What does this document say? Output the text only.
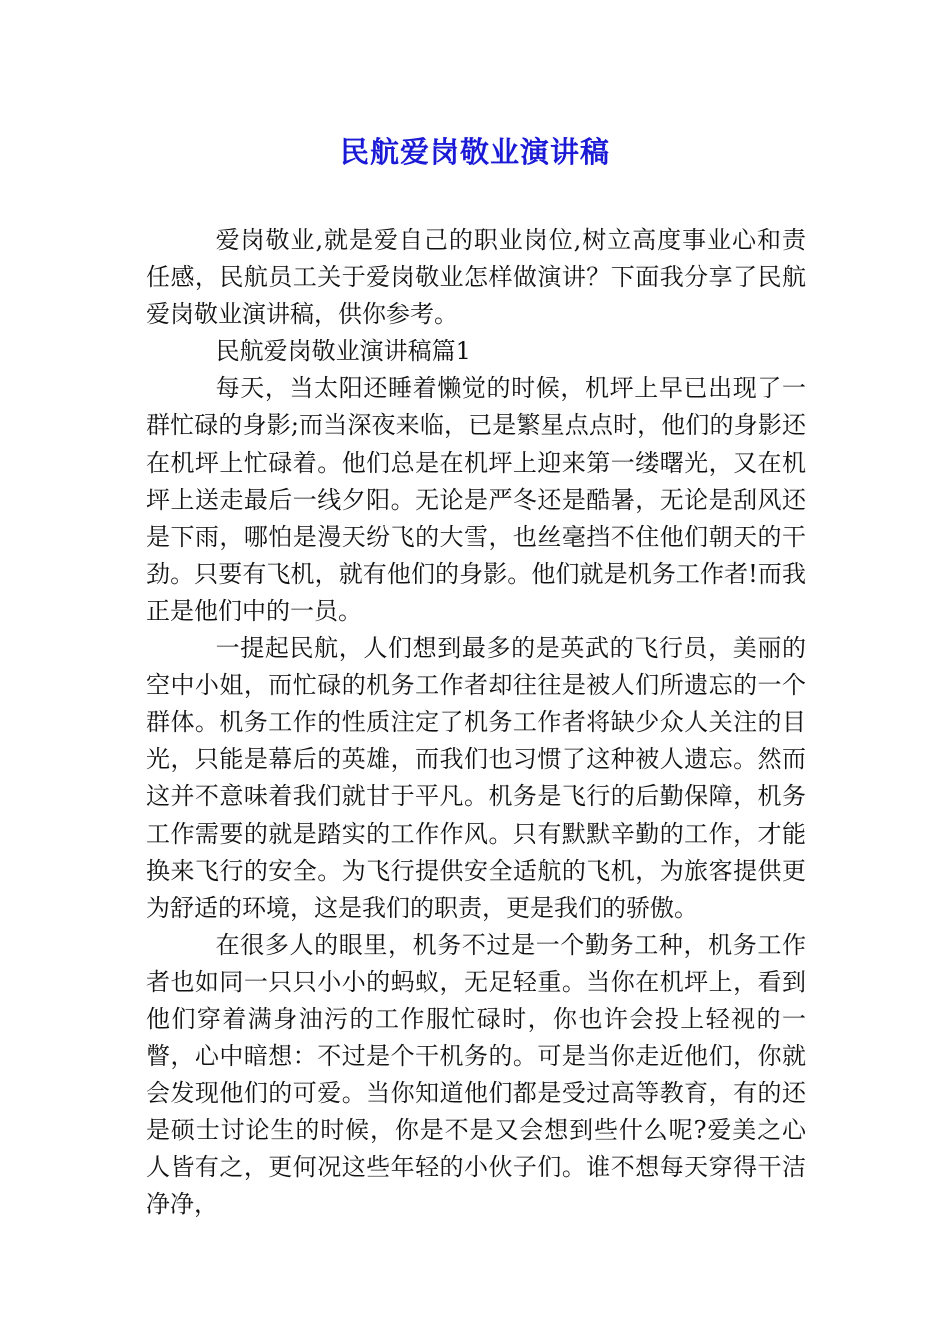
民航爱岗敬业演讲稿

爱岗敬业,就是爱自己的职业岗位,树立高度事业心和责任感，民航员工关于爱岗敬业怎样做演讲？下面我分享了民航爱岗敬业演讲稿，供你参考。

民航爱岗敬业演讲稿篇1

每天，当太阳还睡着懒觉的时候，机坪上早已出现了一群忙碌的身影;而当深夜来临，已是繁星点点时，他们的身影还在机坪上忙碌着。他们总是在机坪上迎来第一缕曙光，又在机坪上送走最后一线夕阳。无论是严冬还是酷暑，无论是刮风还是下雨，哪怕是漫天纷飞的大雪，也丝毫挡不住他们朝天的干劲。只要有飞机，就有他们的身影。他们就是机务工作者!而我正是他们中的一员。

一提起民航，人们想到最多的是英武的飞行员，美丽的空中小姐，而忙碌的机务工作者却往往是被人们所遗忘的一个群体。机务工作的性质注定了机务工作者将缺少众人关注的目光，只能是幕后的英雄，而我们也习惯了这种被人遗忘。然而这并不意味着我们就甘于平凡。机务是飞行的后勤保障，机务工作需要的就是踏实的工作作风。只有默默辛勤的工作，才能换来飞行的安全。为飞行提供安全适航的飞机，为旅客提供更为舒适的环境，这是我们的职责，更是我们的骄傲。

在很多人的眼里，机务不过是一个勤务工种，机务工作者也如同一只只小小的蚂蚁，无足轻重。当你在机坪上，看到他们穿着满身油污的工作服忙碌时，你也许会投上轻视的一瞥，心中暗想：不过是个干机务的。可是当你走近他们，你就会发现他们的可爱。当你知道他们都是受过高等教育，有的还是硕士讨论生的时候，你是不是又会想到些什么呢?爱美之心人皆有之，更何况这些年轻的小伙子们。谁不想每天穿得干洁净净，
